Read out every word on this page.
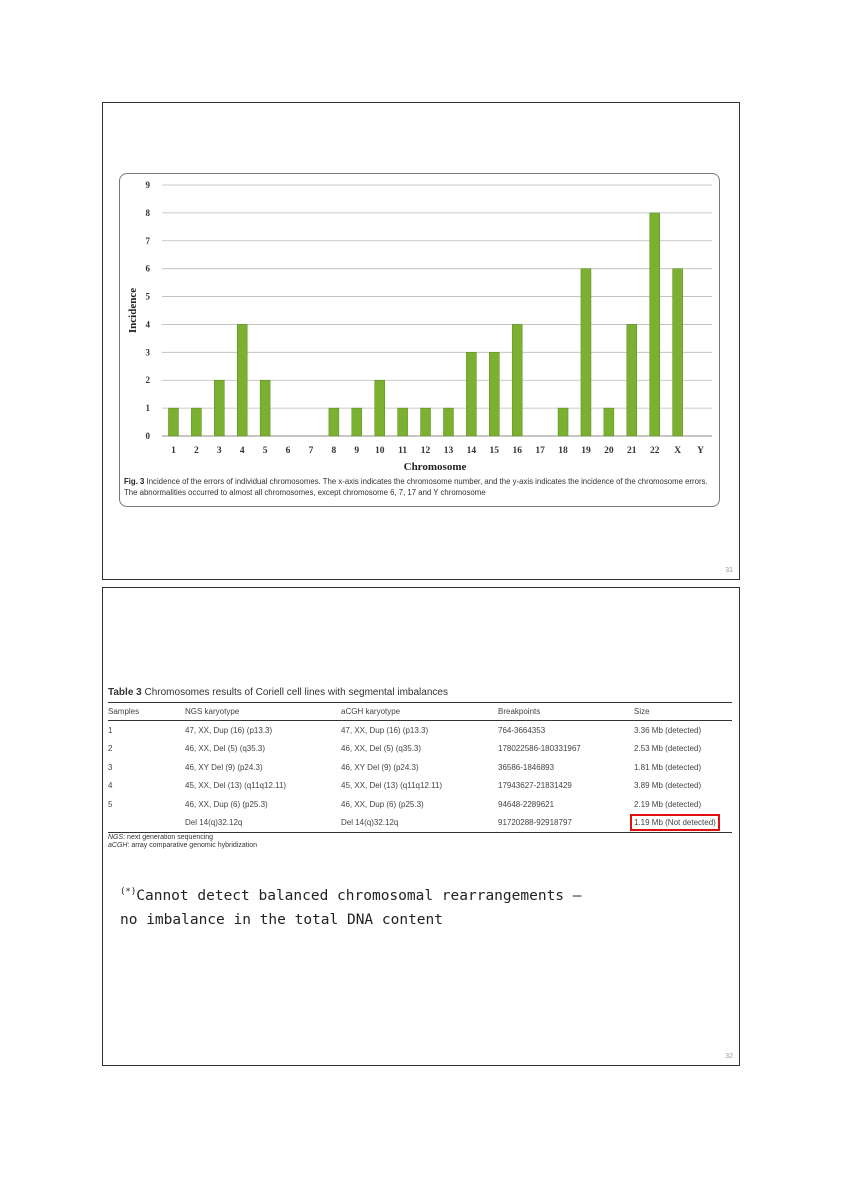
0
1
2
3
4
5
6
7
8
9
1 2 3 4 5 6 7 8 9 10 11 12 13 14 15 16 17 18 19 20 21 22 X Y
Chromosome
Incidence
Fig. 3 Incidence of the errors of individual chromosomes. The x-axis indicates the chromosome number, and the y-axis indicates the incidence of the chromosome errors. The abnormalities occurred to almost all chromosomes, except chromosome 6, 7, 17 and Y chromosome
31
Table 3 Chromosomes results of Coriell cell lines with segmental imbalances
Samples	NGS karyotype	aCGH karyotype	Breakpoints	Size
1	47, XX, Dup (16) (p13.3)	47, XX, Dup (16) (p13.3)	764-3664353	3.36 Mb (detected)
2	46, XX, Del (5) (q35.3)	46, XX, Del (5) (q35.3)	178022586-180331967	2.53 Mb (detected)
3	46, XY Del (9) (p24.3)	46, XY Del (9) (p24.3)	36586-1846893	1.81 Mb (detected)
4	45, XX, Del (13) (q11q12.11)	45, XX, Del (13) (q11q12.11)	17943627-21831429	3.89 Mb (detected)
5	46, XX, Dup (6) (p25.3)	46, XX, Dup (6) (p25.3)	94648-2289621	2.19 Mb (detected)
	Del 14(q)32.12q	Del 14(q)32.12q	91720288-92918797	1.19 Mb (Not detected)
NGS: next generation sequencing
aCGH: array comparative genomic hybridization
(*)Cannot detect balanced chromosomal rearrangements –
no imbalance in the total DNA content
32
